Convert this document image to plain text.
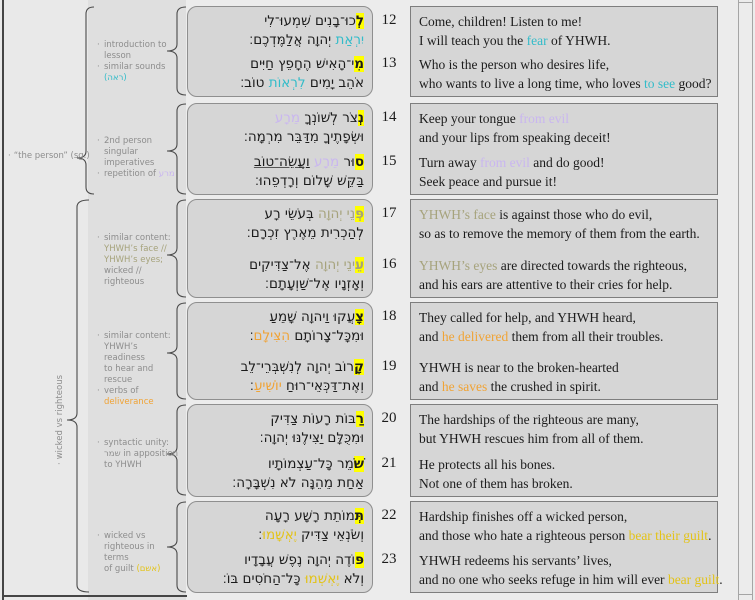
· “the person” (sg.)
·
wicked vs righteous
12
13
לְכוּ־בָנִים שִׁמְעוּ־לִי
יִרְאַת יְהוָה אֲלַמֶּדְכֶם׃
מִי־הָאִישׁ הֶחָפֵץ חַיִּים
אֹהֵב יָמִים לִרְאוֹת טוֹב׃
Come, children! Listen to me!
I will teach you the fear of YHWH.
Who is the person who desires life,
who wants to live a long time, who loves to see good?
14
15
נְצֹר לְשׁוֹנְךָ מֵרָע
וּשְׂפָתֶיךָ מִדַּבֵּר מִרְמָה׃
סוּר מֵרָע וַעֲשֵׂה־טוֹב
בַּקֵּשׁ שָׁלוֹם וְרָדְפֵהוּ׃
Keep your tongue from evil
and your lips from speaking deceit!
Turn away from evil and do good!
Seek peace and pursue it!
17
16
פְּנֵי יְהוָה בְּעֹשֵׂי רָע
לְהַכְרִית מֵאֶרֶץ זִכְרָם׃
עֵינֵי יְהוָה אֶל־צַדִּיקִים
וְאָזְנָיו אֶל־שַׁוְעָתָם׃
YHWH’s face is against those who do evil,
so as to remove the memory of them from the earth.
YHWH’s eyes are directed towards the righteous,
and his ears are attentive to their cries for help.
18
19
צָעֲקוּ וַיהוָה שָׁמֵעַ
וּמִכָּל־צָרוֹתָם הִצִּילָם׃
קָרוֹב יְהוָה לְנִשְׁבְּרֵי־לֵב
וְאֶת־דַּכְּאֵי־רוּחַ יוֹשִׁיעַ׃
They called for help, and YHWH heard,
and he delivered them from all their troubles.
YHWH is near to the broken-hearted
and he saves the crushed in spirit.
20
21
רַבּוֹת רָעוֹת צַדִּיק
וּמִכֻּלָּם יַצִּילֶנּוּ יְהוָה׃
שֹׁמֵר כָּל־עַצְמוֹתָיו
אַחַת מֵהֵנָּה לֹא נִשְׁבָּרָה׃
The hardships of the righteous are many,
but YHWH rescues him from all of them.
He protects all his bones.
Not one of them has broken.
22
23
תְּמוֹתֵת רָשָׁע רָעָה
וְשֹׂנְאֵי צַדִּיק יֶאְשָׁמוּ׃
פּוֹדֶה יְהוָה נֶפֶשׁ עֲבָדָיו
וְלֹא יֶאְשְׁמוּ כָּל־הַחֹסִים בּוֹ׃
Hardship finishes off a wicked person,
and those who hate a righteous person bear their guilt.
YHWH redeems his servants’ lives,
and no one who seeks refuge in him will ever bear guilt.
· introduction to lesson
· similar sounds (ראה)
· 2nd person singular
imperatives
· repetition of מרע
· similar content:
YHWH’s face //
YHWH’s eyes;
wicked // righteous
· similar content:
YHWH’s readiness
to hear and rescue
· verbs of deliverance
· syntactic unity:
שמר in apposition
to YHWH
· wicked vs
righteous in terms
of guilt (אשם)
